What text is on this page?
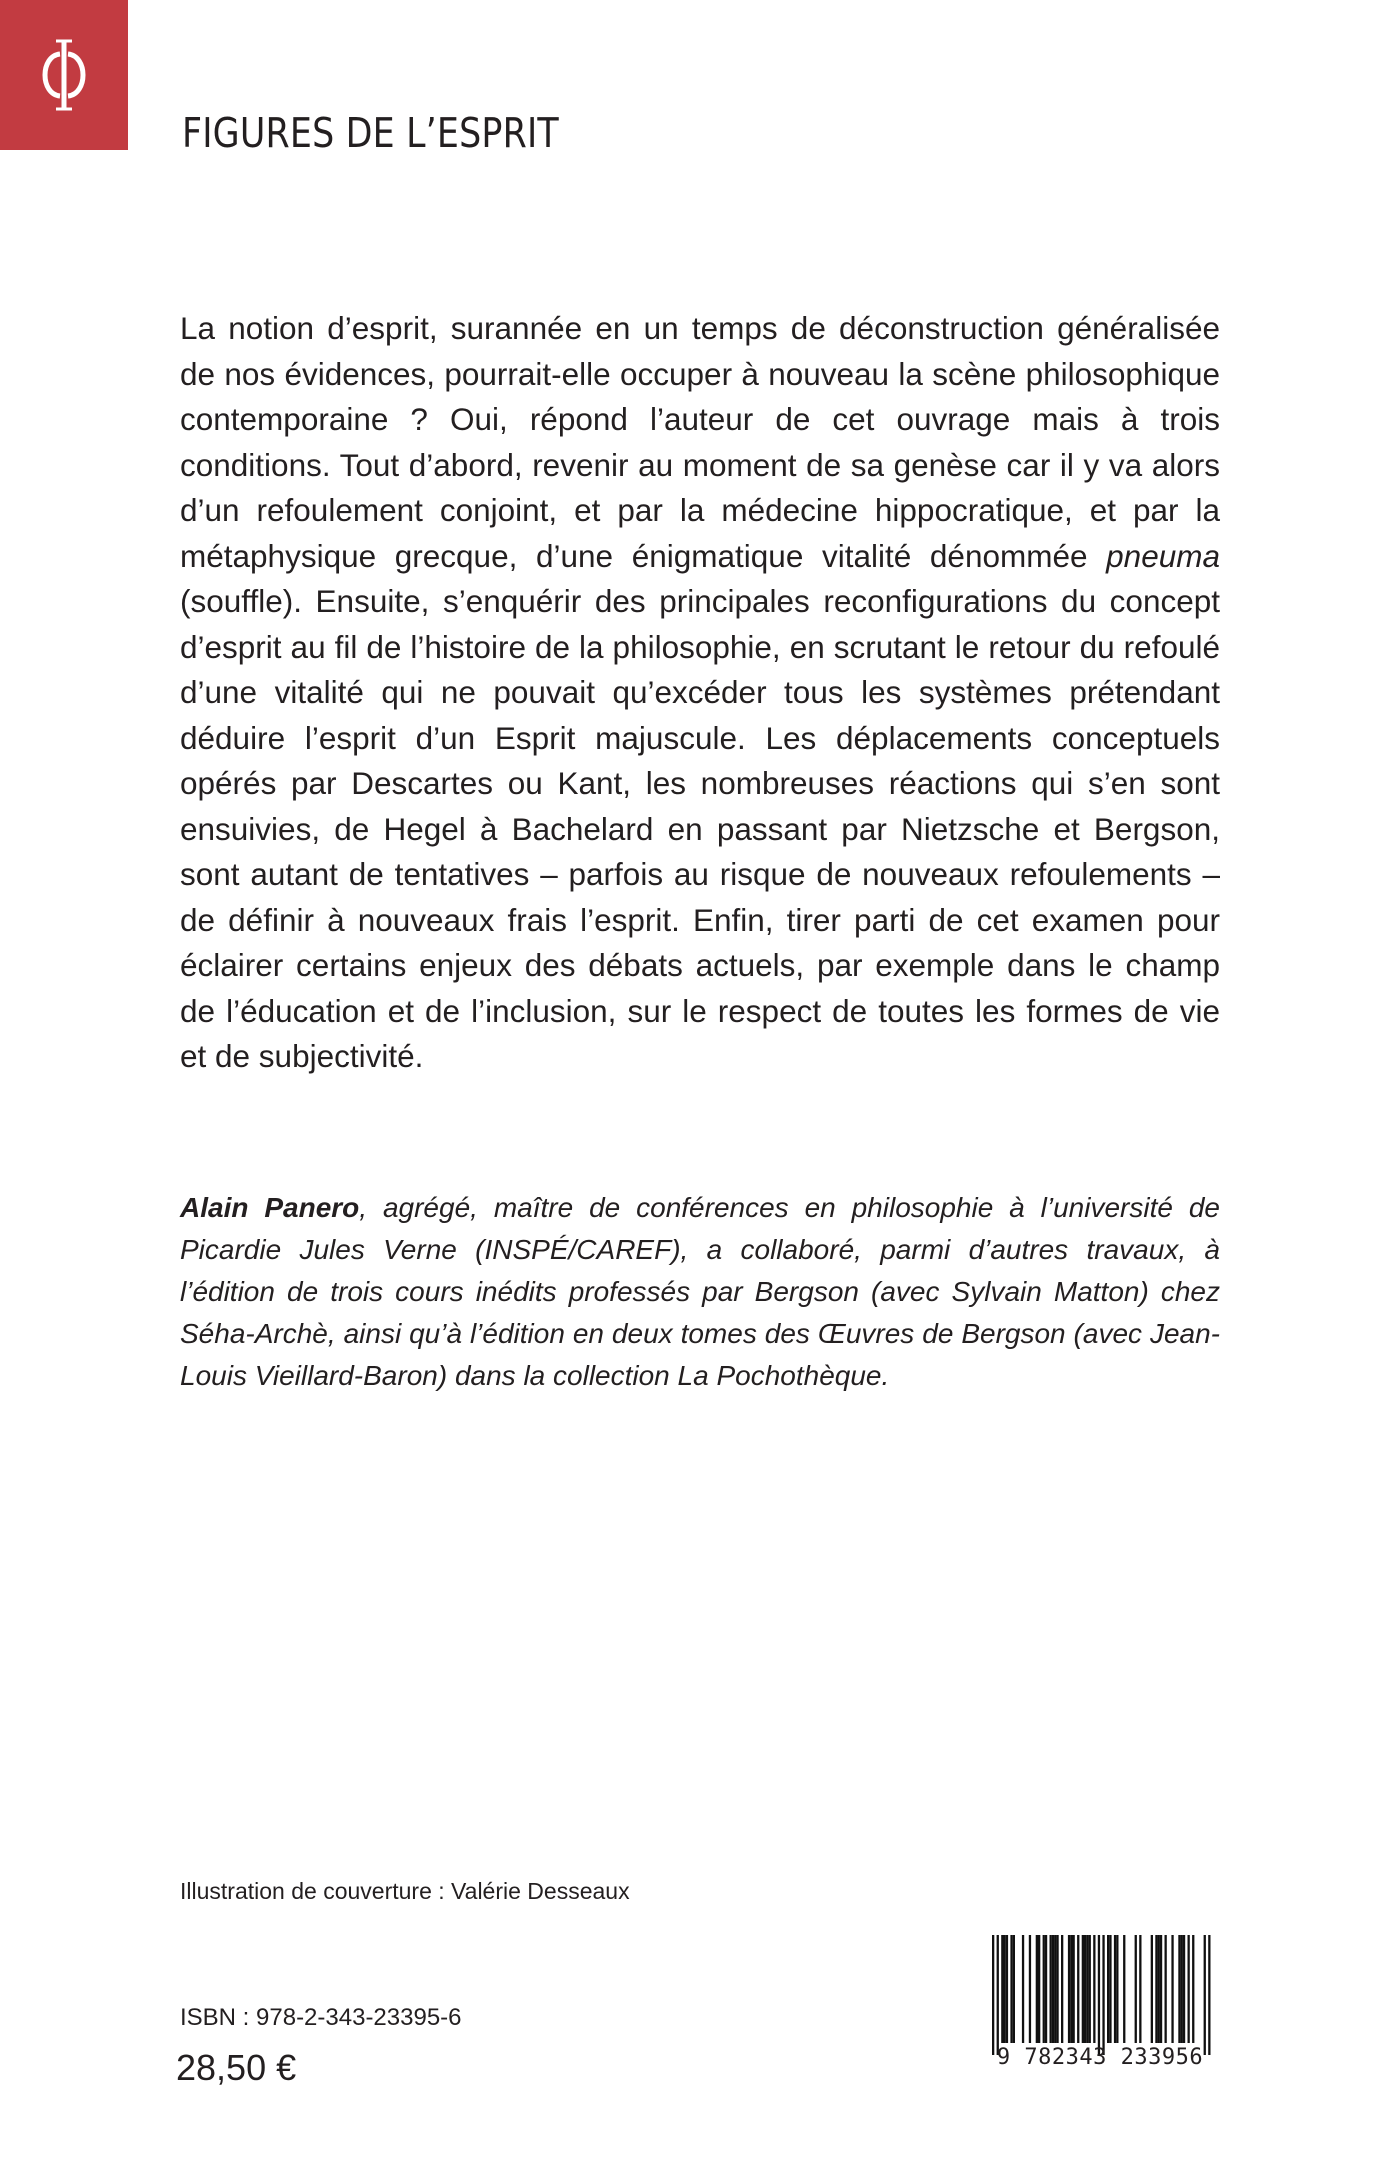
FIGURES DE L’ESPRIT

La notion d’esprit, surannée en un temps de déconstruction généralisée de nos évidences, pourrait-elle occuper à nouveau la scène philosophique contemporaine ? Oui, répond l’auteur de cet ouvrage mais à trois conditions. Tout d’abord, revenir au moment de sa genèse car il y va alors d’un refoulement conjoint, et par la médecine hippocratique, et par la métaphysique grecque, d’une énigmatique vitalité dénommée pneuma (souffle). Ensuite, s’enquérir des principales reconfigurations du concept d’esprit au fil de l’histoire de la philosophie, en scrutant le retour du refoulé d’une vitalité qui ne pouvait qu’excéder tous les systèmes prétendant déduire l’esprit d’un Esprit majuscule. Les déplacements conceptuels opérés par Descartes ou Kant, les nombreuses réactions qui s’en sont ensuivies, de Hegel à Bachelard en passant par Nietzsche et Bergson, sont autant de tentatives – parfois au risque de nouveaux refoulements – de définir à nouveaux frais l’esprit. Enfin, tirer parti de cet examen pour éclairer certains enjeux des débats actuels, par exemple dans le champ de l’éducation et de l’inclusion, sur le respect de toutes les formes de vie et de subjectivité.

Alain Panero, agrégé, maître de conférences en philosophie à l’université de Picardie Jules Verne (INSPÉ/CAREF), a collaboré, parmi d’autres travaux, à l’édition de trois cours inédits professés par Bergson (avec Sylvain Matton) chez Séha-Archè, ainsi qu’à l’édition en deux tomes des Œuvres de Bergson (avec Jean-Louis Vieillard-Baron) dans la collection La Pochothèque.

Illustration de couverture : Valérie Desseaux
ISBN : 978-2-343-23395-6
28,50 €	9 782343 233956
